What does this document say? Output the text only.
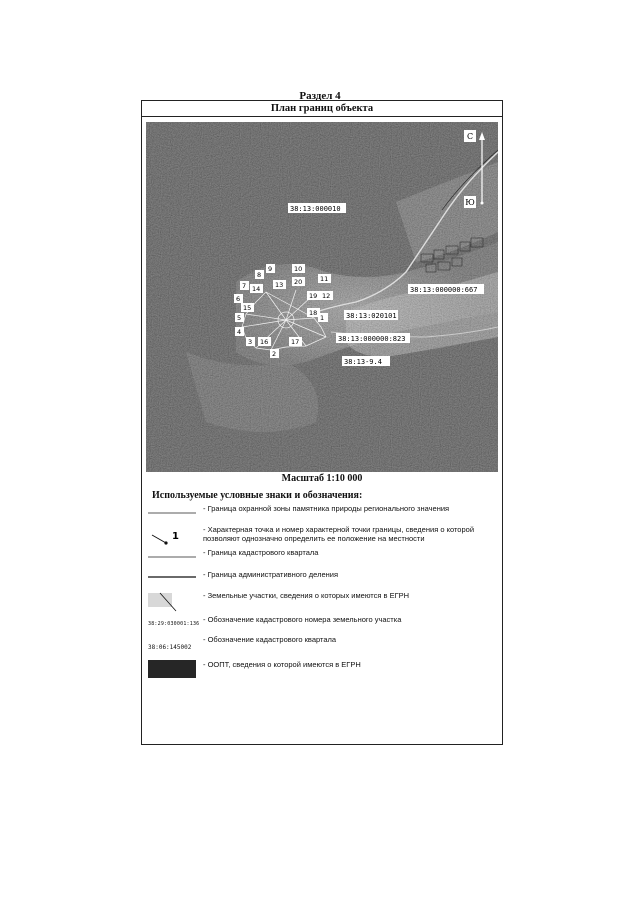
Раздел 4
План границ объекта
С
Ю
38:13:000010
38:13:000000:667
38:13:020101
38:13:000000:823
38:13-9.4
1
2
3
4
5
6
7
8
9	10
11
12
13
14
15
16	17
18
19
20
Масштаб 1:10 000
Используемые условные знаки и обозначения:
- Граница охранной зоны памятника природы регионального значения
1
- Характерная точка и номер характерной точки границы, сведения о которой позволяют однозначно определить ее положение на местности
- Граница кадастрового квартала
- Граница административного деления
- Земельные участки, сведения о которых имеются в ЕГРН
38:29:030001:136 - Обозначение кадастрового номера земельного участка
38:06:145002
- Обозначение кадастрового квартала
- ООПТ, сведения о которой имеются в ЕГРН
